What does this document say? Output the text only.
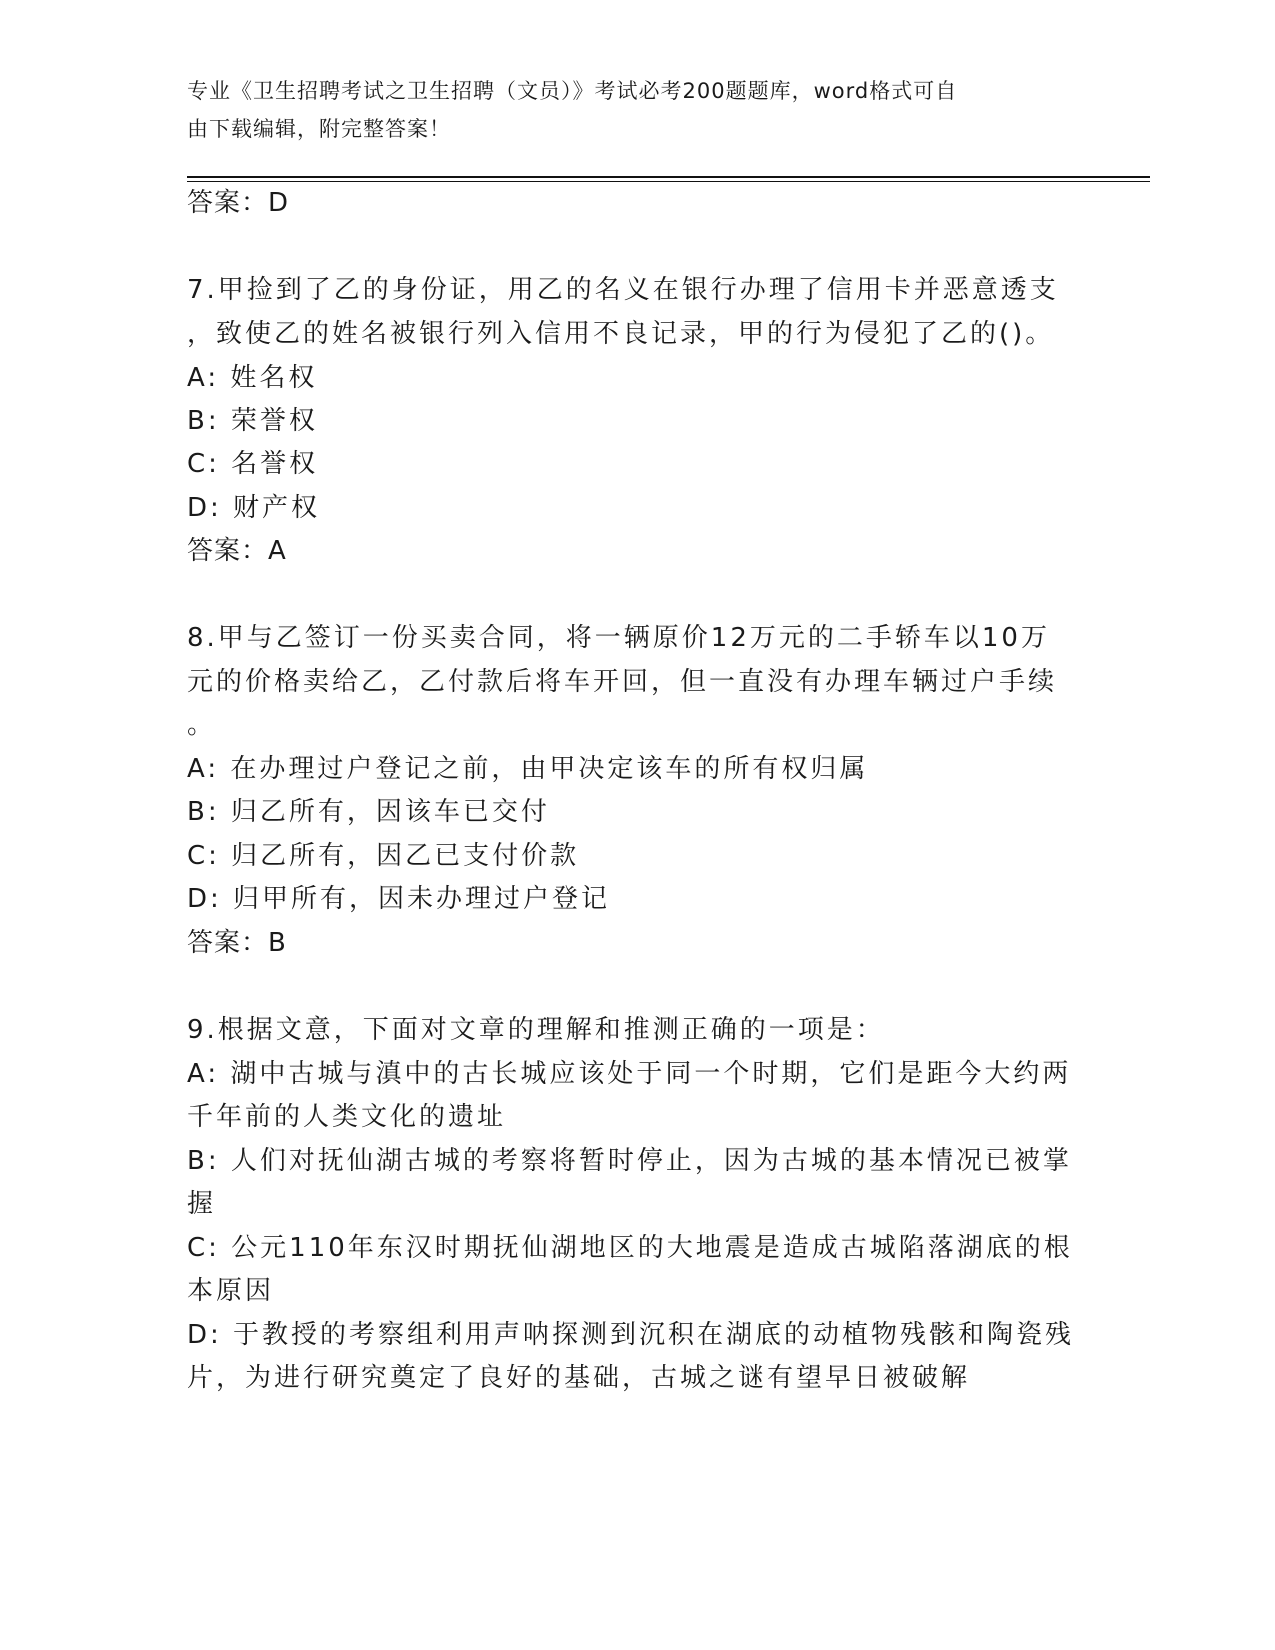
专业《卫生招聘考试之卫生招聘（文员）》考试必考200题题库，word格式可自
由下载编辑，附完整答案！
答案：D
7.甲捡到了乙的身份证，用乙的名义在银行办理了信用卡并恶意透支
，致使乙的姓名被银行列入信用不良记录，甲的行为侵犯了乙的()。
A: 姓名权
B: 荣誉权
C: 名誉权
D: 财产权
答案：A
8.甲与乙签订一份买卖合同，将一辆原价12万元的二手轿车以10万
元的价格卖给乙，乙付款后将车开回，但一直没有办理车辆过户手续
。
A: 在办理过户登记之前，由甲决定该车的所有权归属
B: 归乙所有，因该车已交付
C: 归乙所有，因乙已支付价款
D: 归甲所有，因未办理过户登记
答案：B
9.根据文意，下面对文章的理解和推测正确的一项是：
A: 湖中古城与滇中的古长城应该处于同一个时期，它们是距今大约两
千年前的人类文化的遗址
B: 人们对抚仙湖古城的考察将暂时停止，因为古城的基本情况已被掌
握
C: 公元110年东汉时期抚仙湖地区的大地震是造成古城陷落湖底的根
本原因
D: 于教授的考察组利用声呐探测到沉积在湖底的动植物残骸和陶瓷残
片，为进行研究奠定了良好的基础，古城之谜有望早日被破解
